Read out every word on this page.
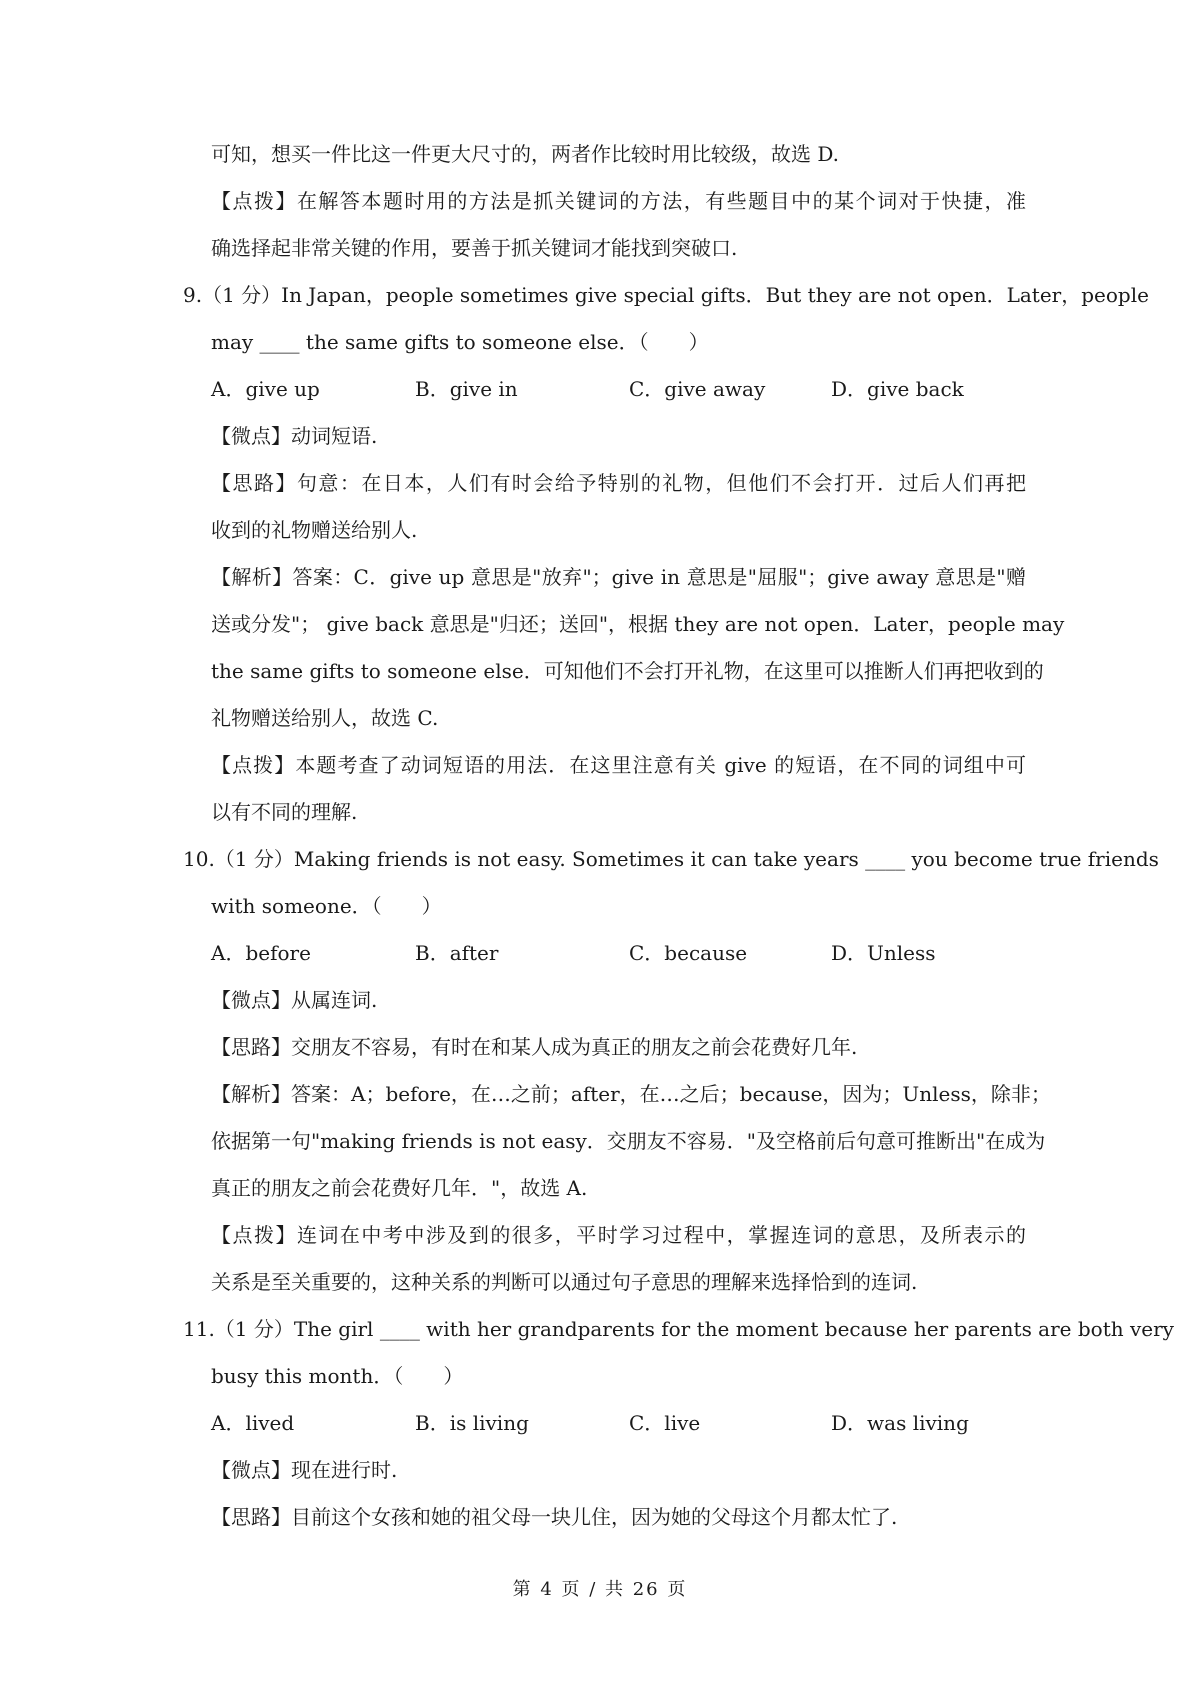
可知，想买一件比这一件更大尺寸的，两者作比较时用比较级，故选 D.
【点拨】在解答本题时用的方法是抓关键词的方法，有些题目中的某个词对于快捷，准
确选择起非常关键的作用，要善于抓关键词才能找到突破口.
9.（1 分）In Japan，people sometimes give special gifts．But they are not open．Later，people
may ____ the same gifts to someone else．（　　）
A．give up	B．give in	C．give away	D．give back
【微点】动词短语.
【思路】句意：在日本，人们有时会给予特别的礼物，但他们不会打开．过后人们再把
收到的礼物赠送给别人.
【解析】答案：C．give up 意思是"放弃"；give in 意思是"屈服"；give away 意思是"赠
送或分发"； give back 意思是"归还；送回"，根据 they are not open．Later，people may
the same gifts to someone else．可知他们不会打开礼物，在这里可以推断人们再把收到的
礼物赠送给别人，故选 C.
【点拨】本题考查了动词短语的用法．在这里注意有关 give 的短语，在不同的词组中可
以有不同的理解.
10.（1 分）Making friends is not easy. Sometimes it can take years ____ you become true friends
with someone．（　　）
A．before	B．after	C．because	D．Unless
【微点】从属连词.
【思路】交朋友不容易，有时在和某人成为真正的朋友之前会花费好几年.
【解析】答案：A；before，在…之前；after，在…之后；because，因为；Unless，除非；
依据第一句"making friends is not easy．交朋友不容易．"及空格前后句意可推断出"在成为
真正的朋友之前会花费好几年．"，故选 A.
【点拨】连词在中考中涉及到的很多，平时学习过程中，掌握连词的意思，及所表示的
关系是至关重要的，这种关系的判断可以通过句子意思的理解来选择恰到的连词.
11.（1 分）The girl ____ with her grandparents for the moment because her parents are both very
busy this month．（　　）
A．lived	B．is living	C．live	D．was living
【微点】现在进行时.
【思路】目前这个女孩和她的祖父母一块儿住，因为她的父母这个月都太忙了.
第 4 页 / 共 26 页
